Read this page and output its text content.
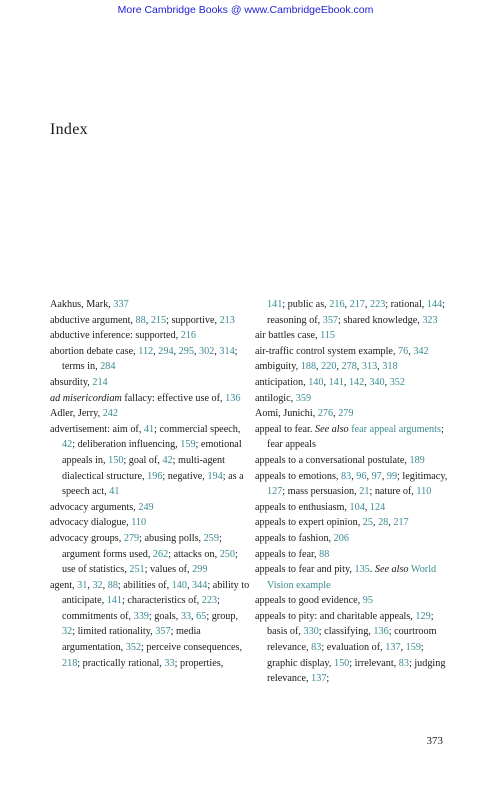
More Cambridge Books @ www.CambridgeEbook.com
Index
Aakhus, Mark, 337
abductive argument, 88, 215; supportive, 213
abductive inference: supported, 216
abortion debate case, 112, 294, 295, 302, 314; terms in, 284
absurdity, 214
ad misericordiam fallacy: effective use of, 136
Adler, Jerry, 242
advertisement: aim of, 41; commercial speech, 42; deliberation influencing, 159; emotional appeals in, 150; goal of, 42; multi-agent dialectical structure, 196; negative, 194; as a speech act, 41
advocacy arguments, 249
advocacy dialogue, 110
advocacy groups, 279; abusing polls, 259; argument forms used, 262; attacks on, 250; use of statistics, 251; values of, 299
agent, 31, 32, 88; abilities of, 140, 344; ability to anticipate, 141; characteristics of, 223; commitments of, 339; goals, 33, 65; group, 32; limited rationality, 357; media argumentation, 352; perceive consequences, 218; practically rational, 33; properties,
141; public as, 216, 217, 223; rational, 144; reasoning of, 357; shared knowledge, 323
air battles case, 115
air-traffic control system example, 76, 342
ambiguity, 188, 220, 278, 313, 318
anticipation, 140, 141, 142, 340, 352
antilogic, 359
Aomi, Junichi, 276, 279
appeal to fear. See also fear appeal arguments; fear appeals
appeals to a conversational postulate, 189
appeals to emotions, 83, 96, 97, 99; legitimacy, 127; mass persuasion, 21; nature of, 110
appeals to enthusiasm, 104, 124
appeals to expert opinion, 25, 28, 217
appeals to fashion, 206
appeals to fear, 88
appeals to fear and pity, 135. See also World Vision example
appeals to good evidence, 95
appeals to pity: and charitable appeals, 129; basis of, 330; classifying, 136; courtroom relevance, 83; evaluation of, 137, 159; graphic display, 150; irrelevant, 83; judging relevance, 137;
373
